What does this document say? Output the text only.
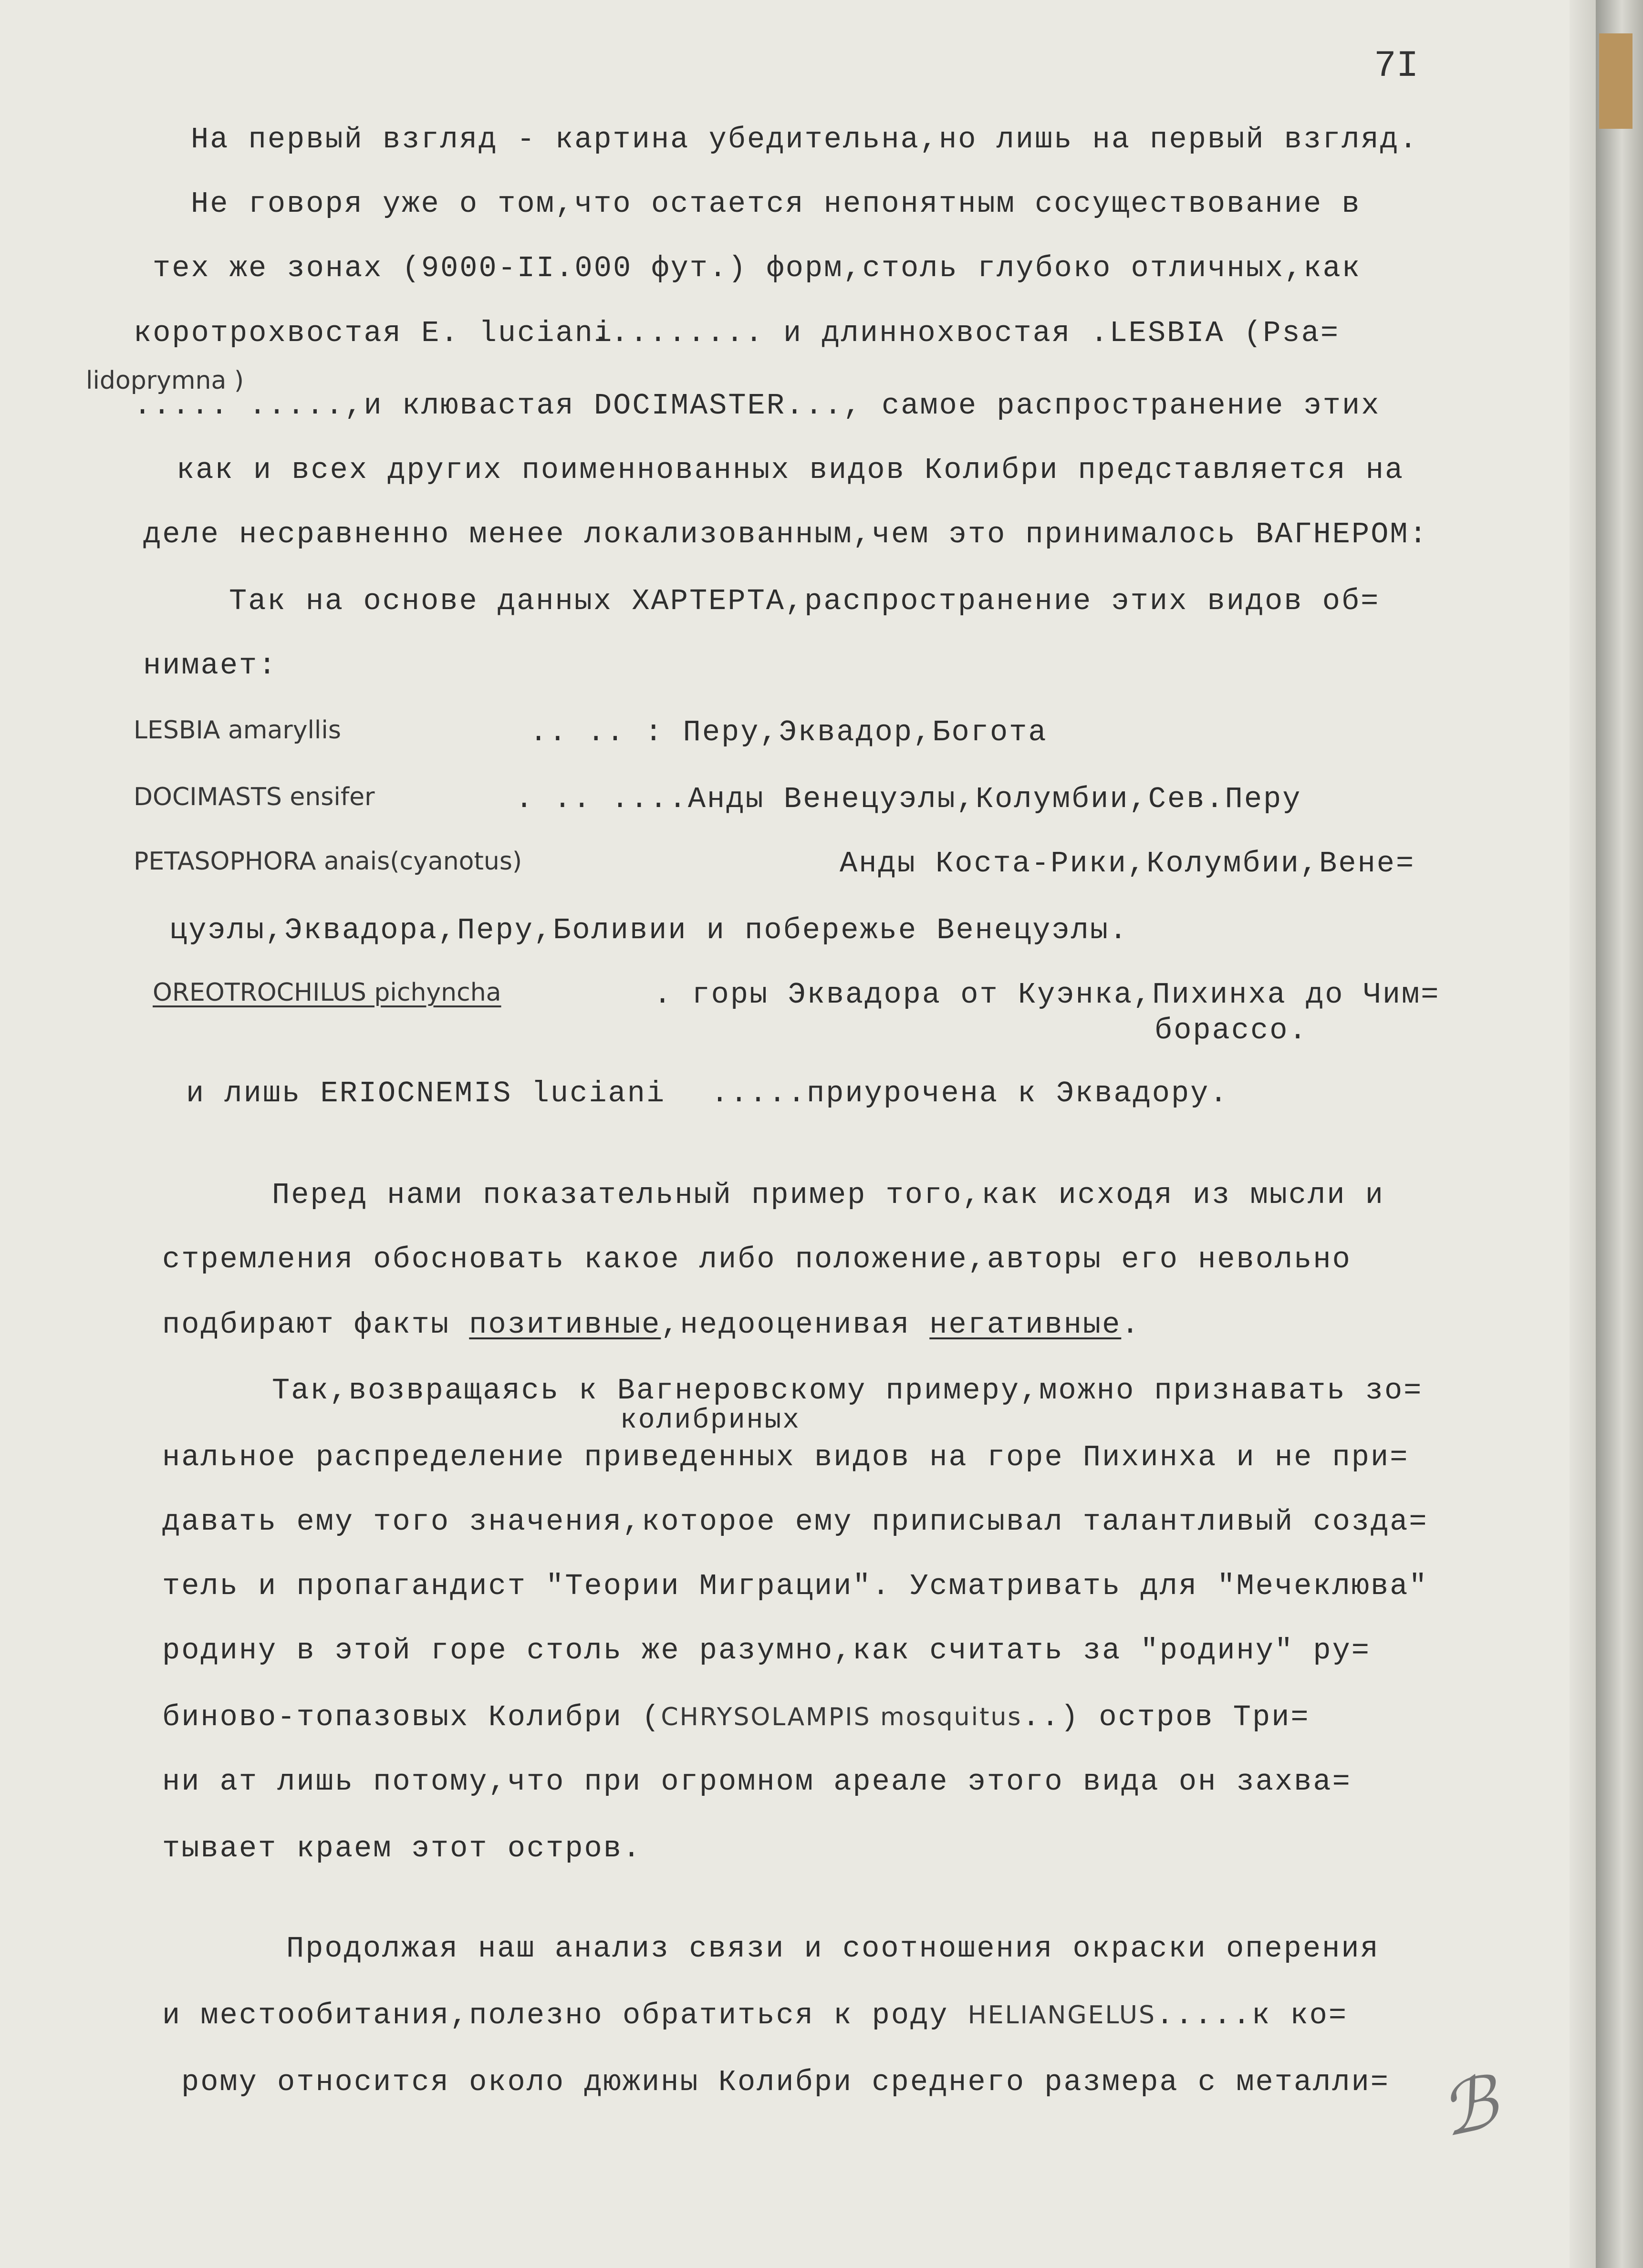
7I
На первый взгляд - картина убедительна,но лишь на первый взгляд.
Не говоря уже о том,что остается непонятным сосуществование в
тех же зонах (9000-II.000 фут.) форм,столь глубоко отличных,как
коротрохвостая E. luciani
......... и длиннохвостая .LESBIA (Psa=
lidoprymna )
..... .....,и клювастая DOCIMASTER..., самое распространение этих
как и всех других поименнованных видов Колибри представляется на
деле несравненно менее локализованным,чем это принималось ВАГНЕРОМ:
Так на основе данных ХАРТЕРТА,распространение этих видов об=
нимает:
LESBIA amaryllis	.. .. : Перу,Эквадор,Богота
DOCIMASTS ensifer	. .. ....Анды Венецуэлы,Колумбии,Сев.Перу
PETASOPHORA anais(cyanotus)	Анды Коста-Рики,Колумбии,Вене=
цуэлы,Эквадора,Перу,Боливии и побережье Венецуэлы.
OREOTROCHILUS pichyncha	. горы Эквадора от Куэнка,Пихинха до Чим=
борассо.
и лишь ERIOCNEMIS luciani .....приурочена к Эквадору.
Перед нами показательный пример того,как исходя из мысли и
стремления обосновать какое либо положение,авторы его невольно
подбирают факты позитивные,недооценивая негативные.
Так,возвращаясь к Вагнеровскому примеру,можно признавать зо=
колибриных
нальное распределение приведенных видов на горе Пихинха и не при=
давать ему того значения,которое ему приписывал талантливый созда=
тель и пропагандист "Теории Миграции". Усматривать для "Мечеклюва"
родину в этой горе столь же разумно,как считать за "родину" ру=
биново-топазовых Колибри (CHRYSOLAMPIS mosquitus..) остров Три=
ни ат лишь потому,что при огромном ареале этого вида он захва=
тывает краем этот остров.
Продолжая наш анализ связи и соотношения окраски оперения
и местообитания,полезно обратиться к роду HELIANGELUS.....к ко=
рому относится около дюжины Колибри среднего размера с металли= ℬ
